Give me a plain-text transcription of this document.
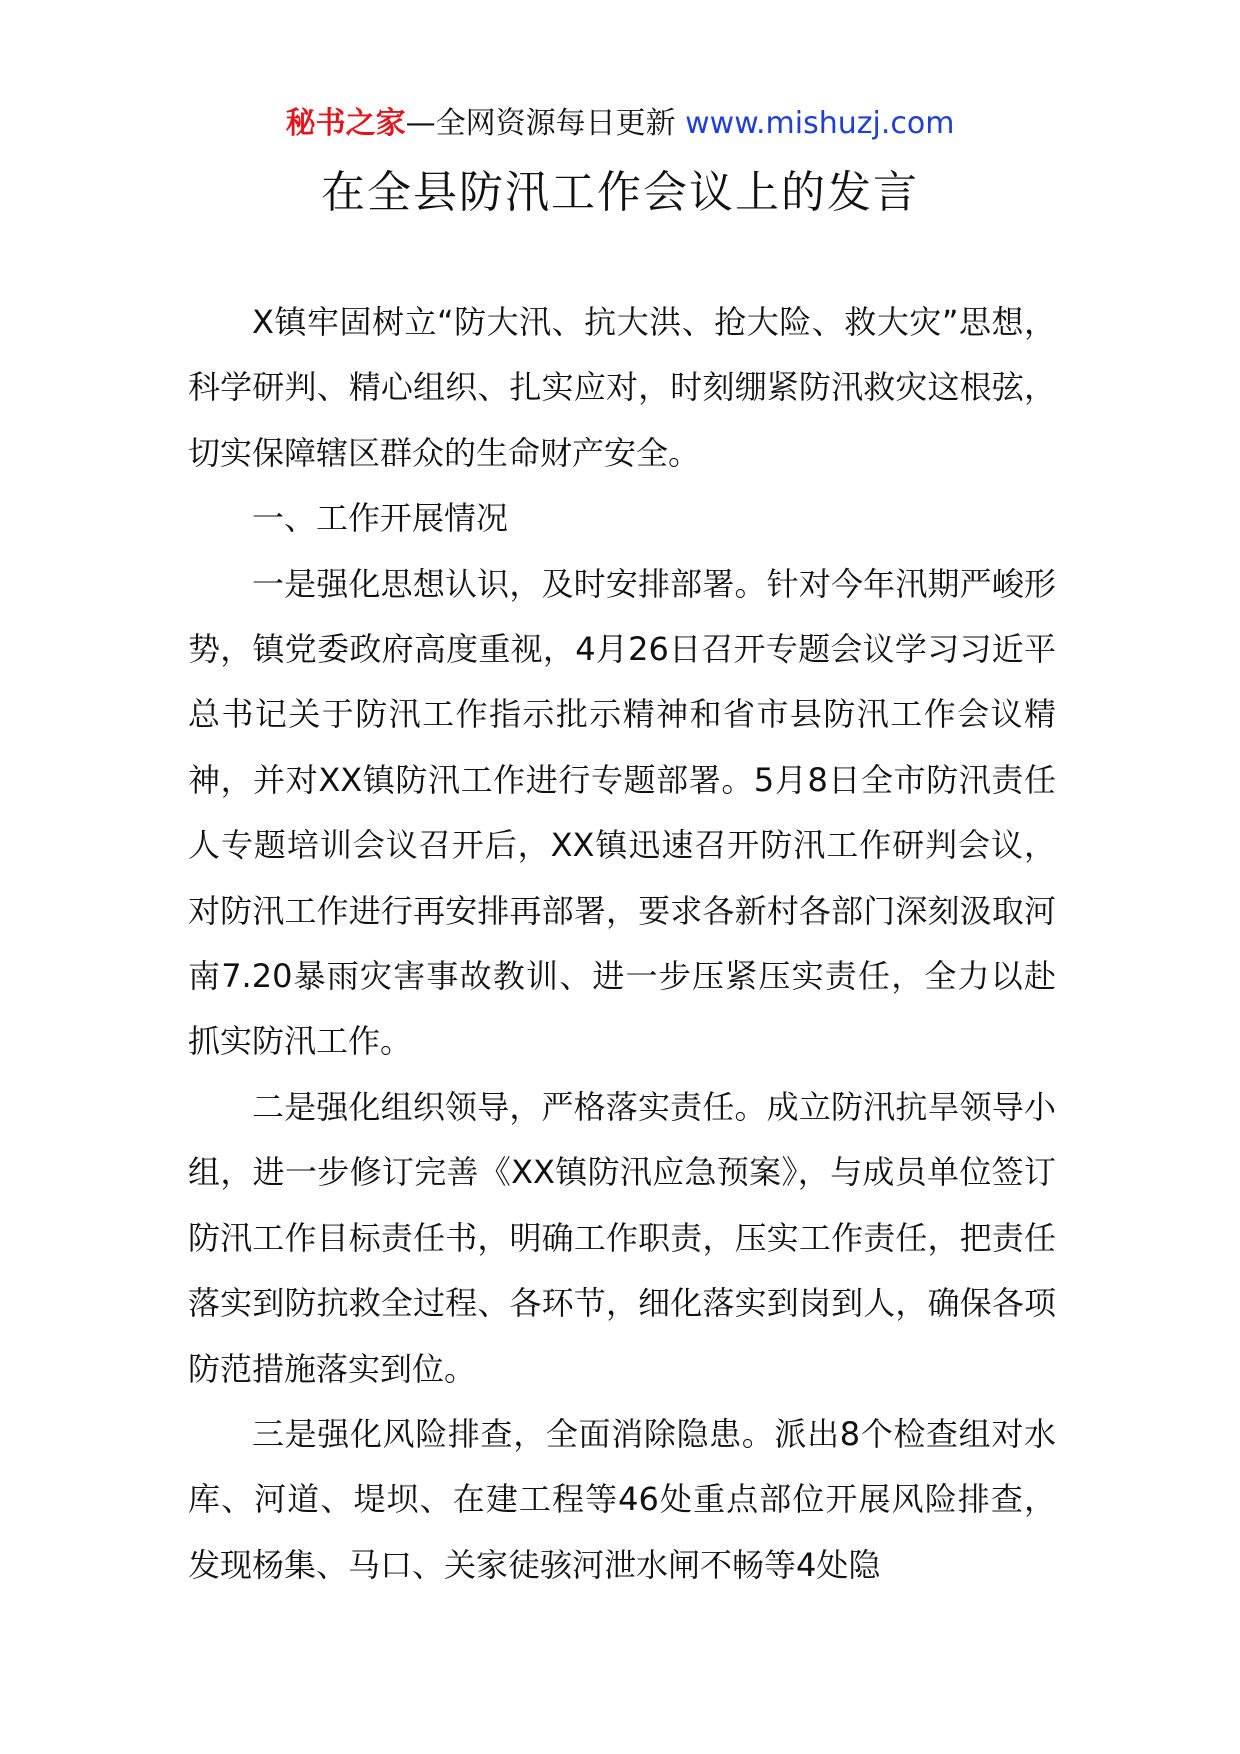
秘书之家—全网资源每日更新 www.mishuzj.com
在全县防汛工作会议上的发言

X镇牢固树立“防大汛、抗大洪、抢大险、救大灾”思想，科学研判、精心组织、扎实应对，时刻绷紧防汛救灾这根弦，切实保障辖区群众的生命财产安全。

一、工作开展情况

一是强化思想认识，及时安排部署。针对今年汛期严峻形势，镇党委政府高度重视，4月26日召开专题会议学习习近平总书记关于防汛工作指示批示精神和省市县防汛工作会议精神，并对XX镇防汛工作进行专题部署。5月8日全市防汛责任人专题培训会议召开后，XX镇迅速召开防汛工作研判会议，对防汛工作进行再安排再部署，要求各新村各部门深刻汲取河南7.20暴雨灾害事故教训、进一步压紧压实责任，全力以赴抓实防汛工作。

二是强化组织领导，严格落实责任。成立防汛抗旱领导小组，进一步修订完善《XX镇防汛应急预案》，与成员单位签订防汛工作目标责任书，明确工作职责，压实工作责任，把责任落实到防抗救全过程、各环节，细化落实到岗到人，确保各项防范措施落实到位。

三是强化风险排查，全面消除隐患。派出8个检查组对水库、河道、堤坝、在建工程等46处重点部位开展风险排查，发现杨集、马口、关家徒骇河泄水闸不畅等4处隐
